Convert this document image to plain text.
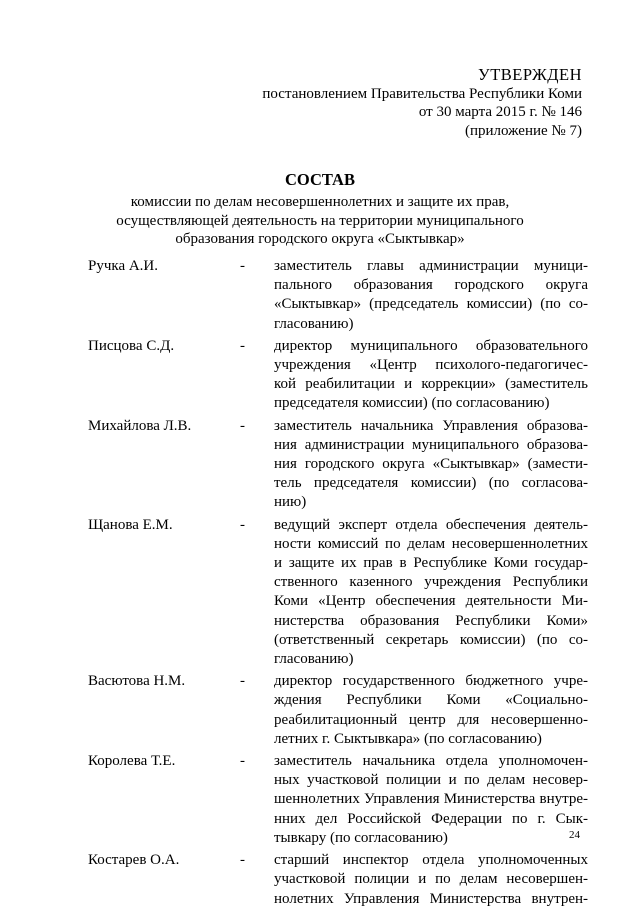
УТВЕРЖДЕН
постановлением Правительства Республики Коми
от 30 марта 2015 г. № 146
(приложение № 7)
СОСТАВ
комиссии по делам несовершеннолетних и защите их прав,
осуществляющей деятельность на территории муниципального
образования городского округа «Сыктывкар»
Ручка А.И.	-	заместитель главы администрации муници-
пального образования городского округа
«Сыктывкар» (председатель комиссии) (по со-
гласованию)
Писцова С.Д.	-	директор муниципального образовательного
учреждения «Центр психолого-педагогичес-
кой реабилитации и коррекции» (заместитель
председателя комиссии) (по согласованию)
Михайлова Л.В.	-	заместитель начальника Управления образова-
ния администрации муниципального образова-
ния городского округа «Сыктывкар» (замести-
тель председателя комиссии) (по согласова-
нию)
Щанова Е.М.	-	ведущий эксперт отдела обеспечения деятель-
ности комиссий по делам несовершеннолетних
и защите их прав в Республике Коми государ-
ственного казенного учреждения Республики
Коми «Центр обеспечения деятельности Ми-
нистерства образования Республики Коми»
(ответственный секретарь комиссии) (по со-
гласованию)
Васютова Н.М.	-	директор государственного бюджетного учре-
ждения Республики Коми «Социально-
реабилитационный центр для несовершенно-
летних г. Сыктывкара» (по согласованию)
Королева Т.Е.	-	заместитель начальника отдела уполномочен-
ных участковой полиции и по делам несовер-
шеннолетних Управления Министерства внутре-
нних дел Российской Федерации по г. Сык-
тывкару (по согласованию)
Костарев О.А.	-	старший инспектор отдела уполномоченных
участковой полиции и по делам несовершен-
нолетних Управления Министерства внутрен-
24
